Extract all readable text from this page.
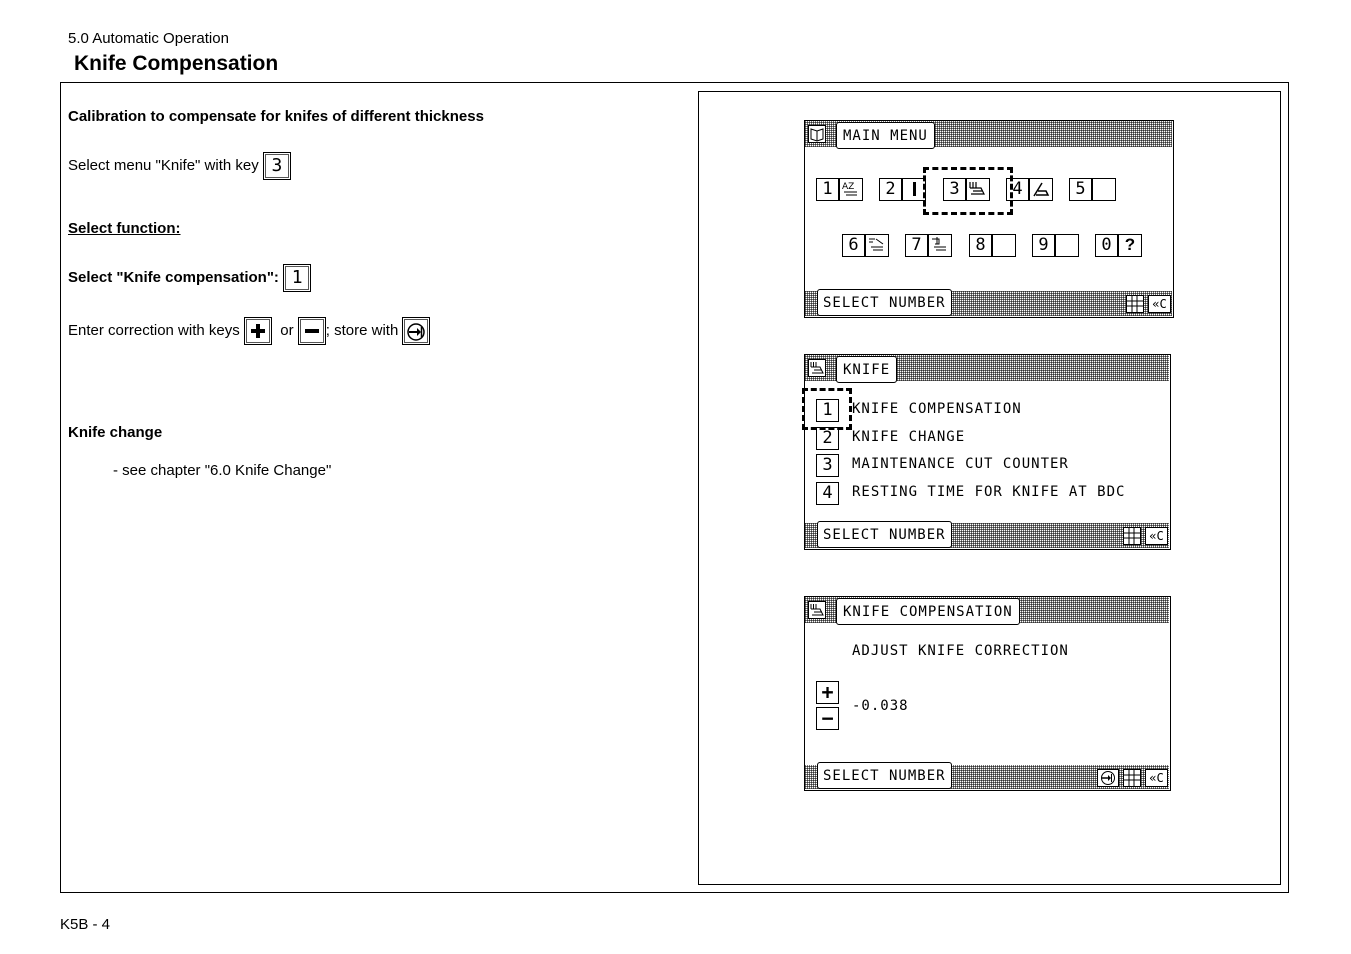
5.0 Automatic Operation
Knife Compensation
Calibration to compensate for knifes of different thickness
Select menu "Knife" with key 3
Select function:
Select "Knife compensation": 1
Enter correction with keys	or ; store with
Knife change
- see chapter "6.0 Knife Change"
MAIN MENU
1	AZ	2	3	4	5
6	7	8	9	0 ?
SELECT NUMBER	«C
KNIFE
1	KNIFE COMPENSATION
2	KNIFE CHANGE
3	MAINTENANCE CUT COUNTER
4	RESTING TIME FOR KNIFE AT BDC
SELECT NUMBER	«C
KNIFE COMPENSATION
ADJUST KNIFE CORRECTION
+
−	-0.038
SELECT NUMBER	«C
K5B - 4
